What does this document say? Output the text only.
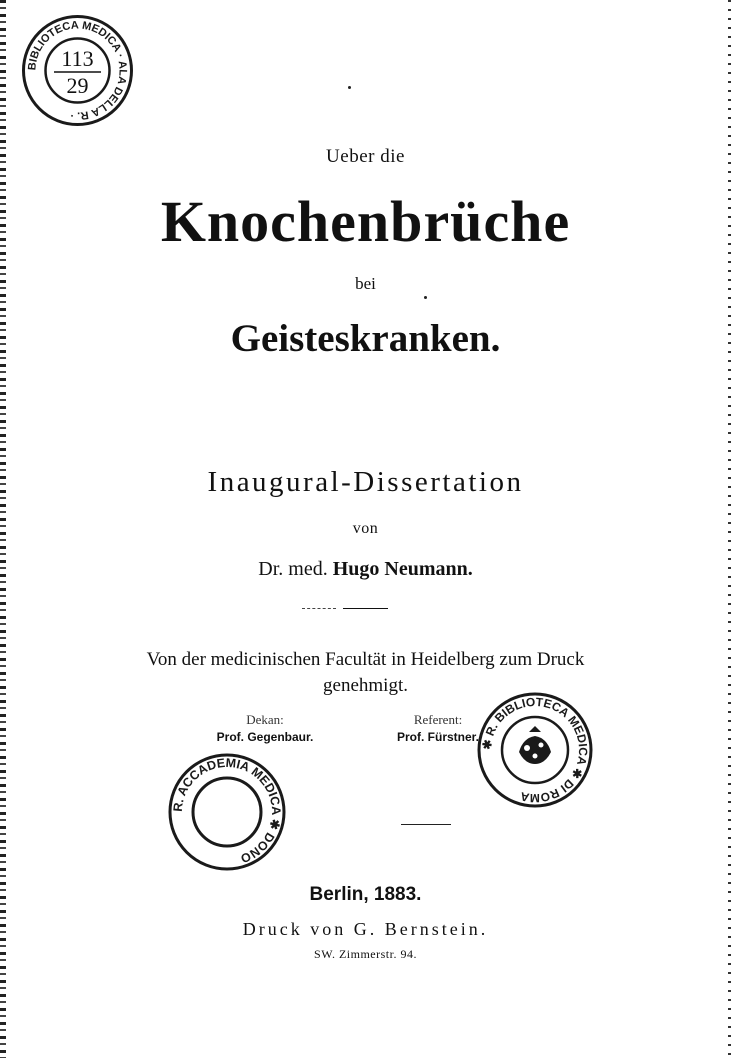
BIBLIOTECA MEDICA · ALA DELLA R. ·
113
29
Ueber die
Knochenbrüche
bei
Geisteskranken.
Inaugural-Dissertation
von
Dr. med. Hugo Neumann.
Von der medicinischen Facultät in Heidelberg zum Druck
genehmigt.
Dekan:
Prof. Gegenbaur.
Referent:
Prof. Fürstner.
✱ R. BIBLIOTECA MEDICA ✱ DI ROMA
R. ACCADEMIA MEDICA ✱ DONO
Berlin, 1883.
Druck von G. Bernstein.
SW. Zimmerstr. 94.
